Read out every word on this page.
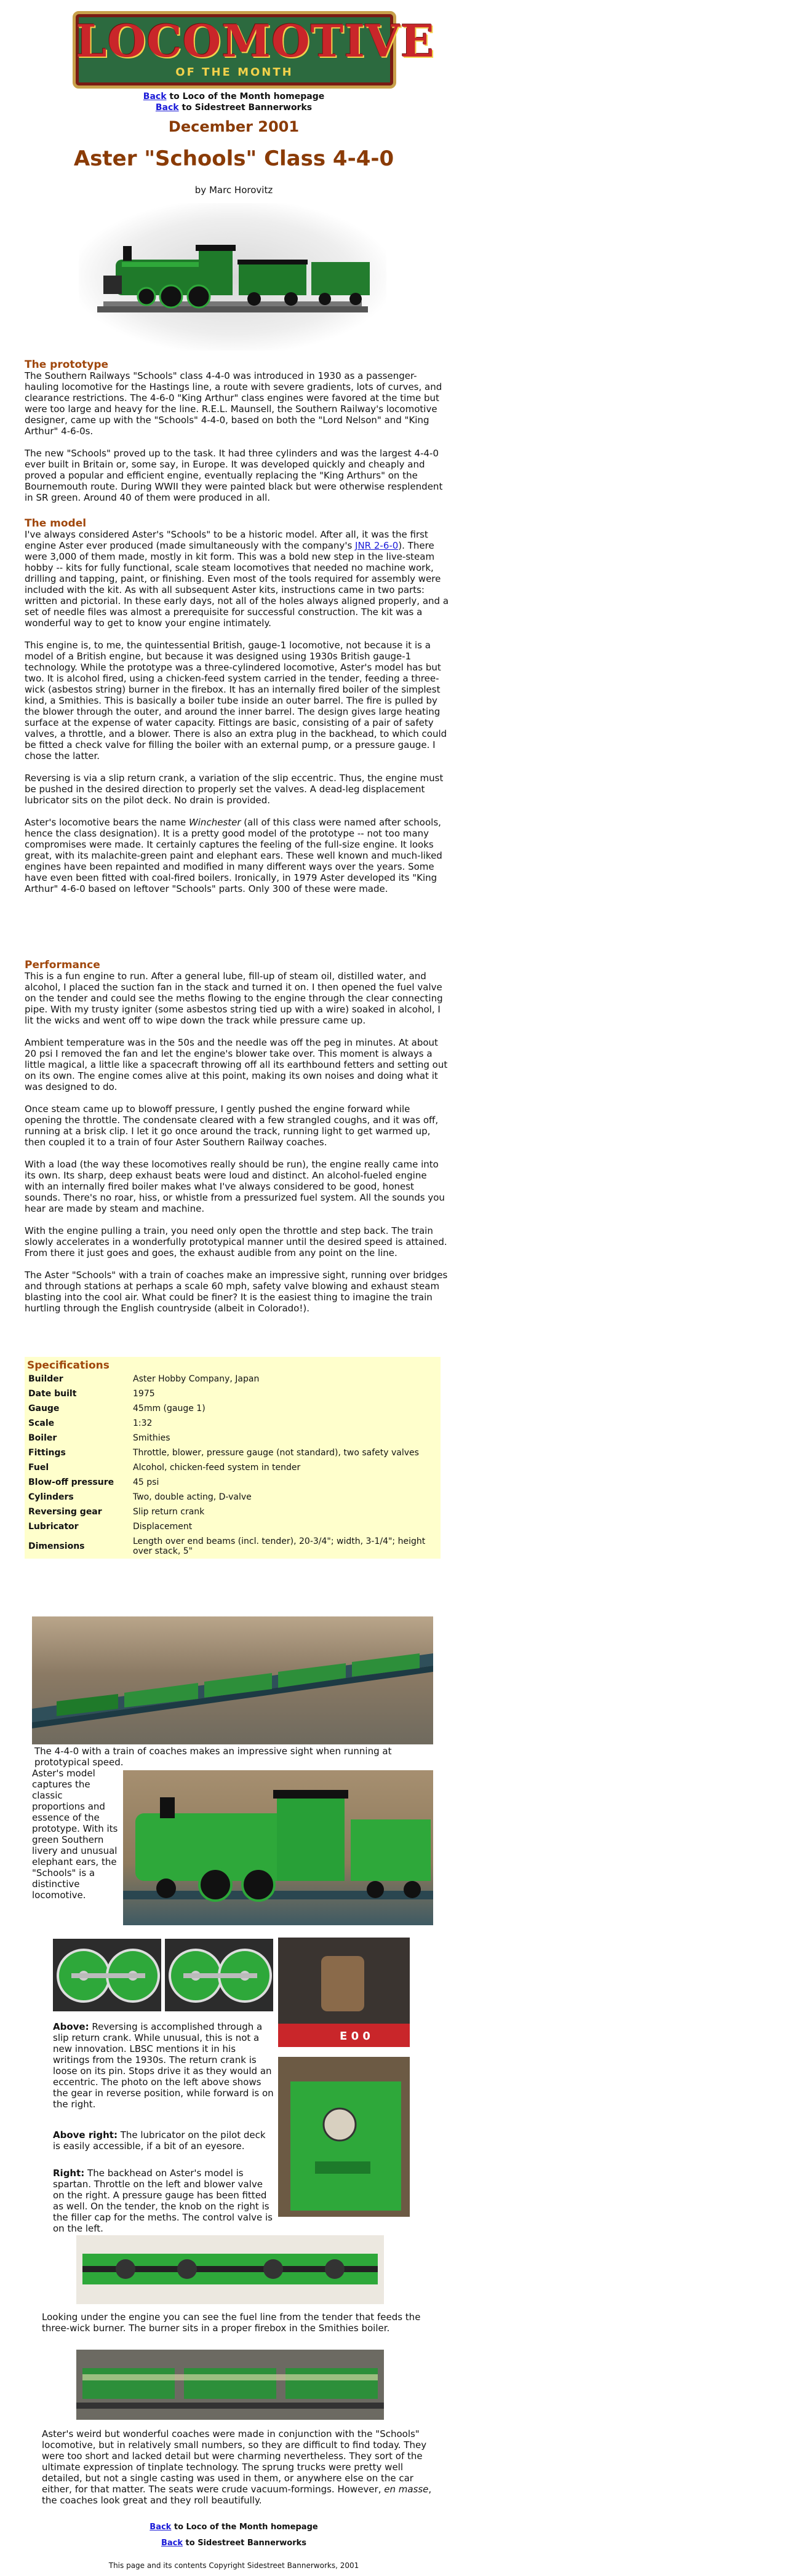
LOCOMOTIVE
OF THE MONTH
Back to Loco of the Month homepage
Back to Sidestreet Bannerworks
December 2001
Aster "Schools" Class 4-4-0
by Marc Horovitz
The prototype

The Southern Railways "Schools" class 4-4-0 was introduced in 1930 as a passenger-hauling locomotive for the Hastings line, a route with severe gradients, lots of curves, and clearance restrictions. The 4-6-0 "King Arthur" class engines were favored at the time but were too large and heavy for the line. R.E.L. Maunsell, the Southern Railway's locomotive designer, came up with the "Schools" 4-4-0, based on both the "Lord Nelson" and "King Arthur" 4-6-0s.

The new "Schools" proved up to the task. It had three cylinders and was the largest 4-4-0 ever built in Britain or, some say, in Europe. It was developed quickly and cheaply and proved a popular and efficient engine, eventually replacing the "King Arthurs" on the Bournemouth route. During WWII they were painted black but were otherwise resplendent in SR green. Around 40 of them were produced in all.

The model

I've always considered Aster's "Schools" to be a historic model. After all, it was the first engine Aster ever produced (made simultaneously with the company's JNR 2-6-0). There were 3,000 of them made, mostly in kit form. This was a bold new step in the live-steam hobby -- kits for fully functional, scale steam locomotives that needed no machine work, drilling and tapping, paint, or finishing. Even most of the tools required for assembly were included with the kit. As with all subsequent Aster kits, instructions came in two parts: written and pictorial. In these early days, not all of the holes always aligned properly, and a set of needle files was almost a prerequisite for successful construction. The kit was a wonderful way to get to know your engine intimately.

This engine is, to me, the quintessential British, gauge-1 locomotive, not because it is a model of a British engine, but because it was designed using 1930s British gauge-1 technology. While the prototype was a three-cylindered locomotive, Aster's model has but two. It is alcohol fired, using a chicken-feed system carried in the tender, feeding a three-wick (asbestos string) burner in the firebox. It has an internally fired boiler of the simplest kind, a Smithies. This is basically a boiler tube inside an outer barrel. The fire is pulled by the blower through the outer, and around the inner barrel. The design gives large heating surface at the expense of water capacity. Fittings are basic, consisting of a pair of safety valves, a throttle, and a blower. There is also an extra plug in the backhead, to which could be fitted a check valve for filling the boiler with an external pump, or a pressure gauge. I chose the latter.

Reversing is via a slip return crank, a variation of the slip eccentric. Thus, the engine must be pushed in the desired direction to properly set the valves. A dead-leg displacement lubricator sits on the pilot deck. No drain is provided.

Aster's locomotive bears the name Winchester (all of this class were named after schools, hence the class designation). It is a pretty good model of the prototype -- not too many compromises were made. It certainly captures the feeling of the full-size engine. It looks great, with its malachite-green paint and elephant ears. These well known and much-liked engines have been repainted and modified in many different ways over the years. Some have even been fitted with coal-fired boilers. Ironically, in 1979 Aster developed its "King Arthur" 4-6-0 based on leftover "Schools" parts. Only 300 of these were made.

Performance

This is a fun engine to run. After a general lube, fill-up of steam oil, distilled water, and alcohol, I placed the suction fan in the stack and turned it on. I then opened the fuel valve on the tender and could see the meths flowing to the engine through the clear connecting pipe. With my trusty igniter (some asbestos string tied up with a wire) soaked in alcohol, I lit the wicks and went off to wipe down the track while pressure came up.

Ambient temperature was in the 50s and the needle was off the peg in minutes. At about 20 psi I removed the fan and let the engine's blower take over. This moment is always a little magical, a little like a spacecraft throwing off all its earthbound fetters and setting out on its own. The engine comes alive at this point, making its own noises and doing what it was designed to do.

Once steam came up to blowoff pressure, I gently pushed the engine forward while opening the throttle. The condensate cleared with a few strangled coughs, and it was off, running at a brisk clip. I let it go once around the track, running light to get warmed up, then coupled it to a train of four Aster Southern Railway coaches.

With a load (the way these locomotives really should be run), the engine really came into its own. Its sharp, deep exhaust beats were loud and distinct. An alcohol-fueled engine with an internally fired boiler makes what I've always considered to be good, honest sounds. There's no roar, hiss, or whistle from a pressurized fuel system. All the sounds you hear are made by steam and machine.

With the engine pulling a train, you need only open the throttle and step back. The train slowly accelerates in a wonderfully prototypical manner until the desired speed is attained. From there it just goes and goes, the exhaust audible from any point on the line.

The Aster "Schools" with a train of coaches make an impressive sight, running over bridges and through stations at perhaps a scale 60 mph, safety valve blowing and exhaust steam blasting into the cool air. What could be finer? It is the easiest thing to imagine the train hurtling through the English countryside (albeit in Colorado!).

Specifications
Builder	Aster Hobby Company, Japan
Date built	1975
Gauge	45mm (gauge 1)
Scale	1:32
Boiler	Smithies
Fittings	Throttle, blower, pressure gauge (not standard), two safety valves
Fuel	Alcohol, chicken-feed system in tender
Blow-off pressure	45 psi
Cylinders	Two, double acting, D-valve
Reversing gear	Slip return crank
Lubricator	Displacement
Dimensions	Length over end beams (incl. tender), 20-3/4"; width, 3-1/4"; height over stack, 5"
The 4-4-0 with a train of coaches makes an impressive sight when running at prototypical speed.
Aster's model captures the classic proportions and essence of the prototype. With its green Southern livery and unusual elephant ears, the "Schools" is a distinctive locomotive.
E 0 0
Above: Reversing is accomplished through a slip return crank. While unusual, this is not a new innovation. LBSC mentions it in his writings from the 1930s. The return crank is loose on its pin. Stops drive it as they would an eccentric. The photo on the left above shows the gear in reverse position, while forward is on the right.
Above right: The lubricator on the pilot deck is easily accessible, if a bit of an eyesore.
Right: The backhead on Aster's model is spartan. Throttle on the left and blower valve on the right. A pressure gauge has been fitted as well. On the tender, the knob on the right is the filler cap for the meths. The control valve is on the left.
Looking under the engine you can see the fuel line from the tender that feeds the three-wick burner. The burner sits in a proper firebox in the Smithies boiler.
Aster's weird but wonderful coaches were made in conjunction with the "Schools" locomotive, but in relatively small numbers, so they are difficult to find today. They were too short and lacked detail but were charming nevertheless. They sort of the ultimate expression of tinplate technology. The sprung trucks were pretty well detailed, but not a single casting was used in them, or anywhere else on the car either, for that matter. The seats were crude vacuum-formings. However, en masse, the coaches look great and they roll beautifully.
Back to Loco of the Month homepage
Back to Sidestreet Bannerworks
This page and its contents Copyright Sidestreet Bannerworks, 2001
